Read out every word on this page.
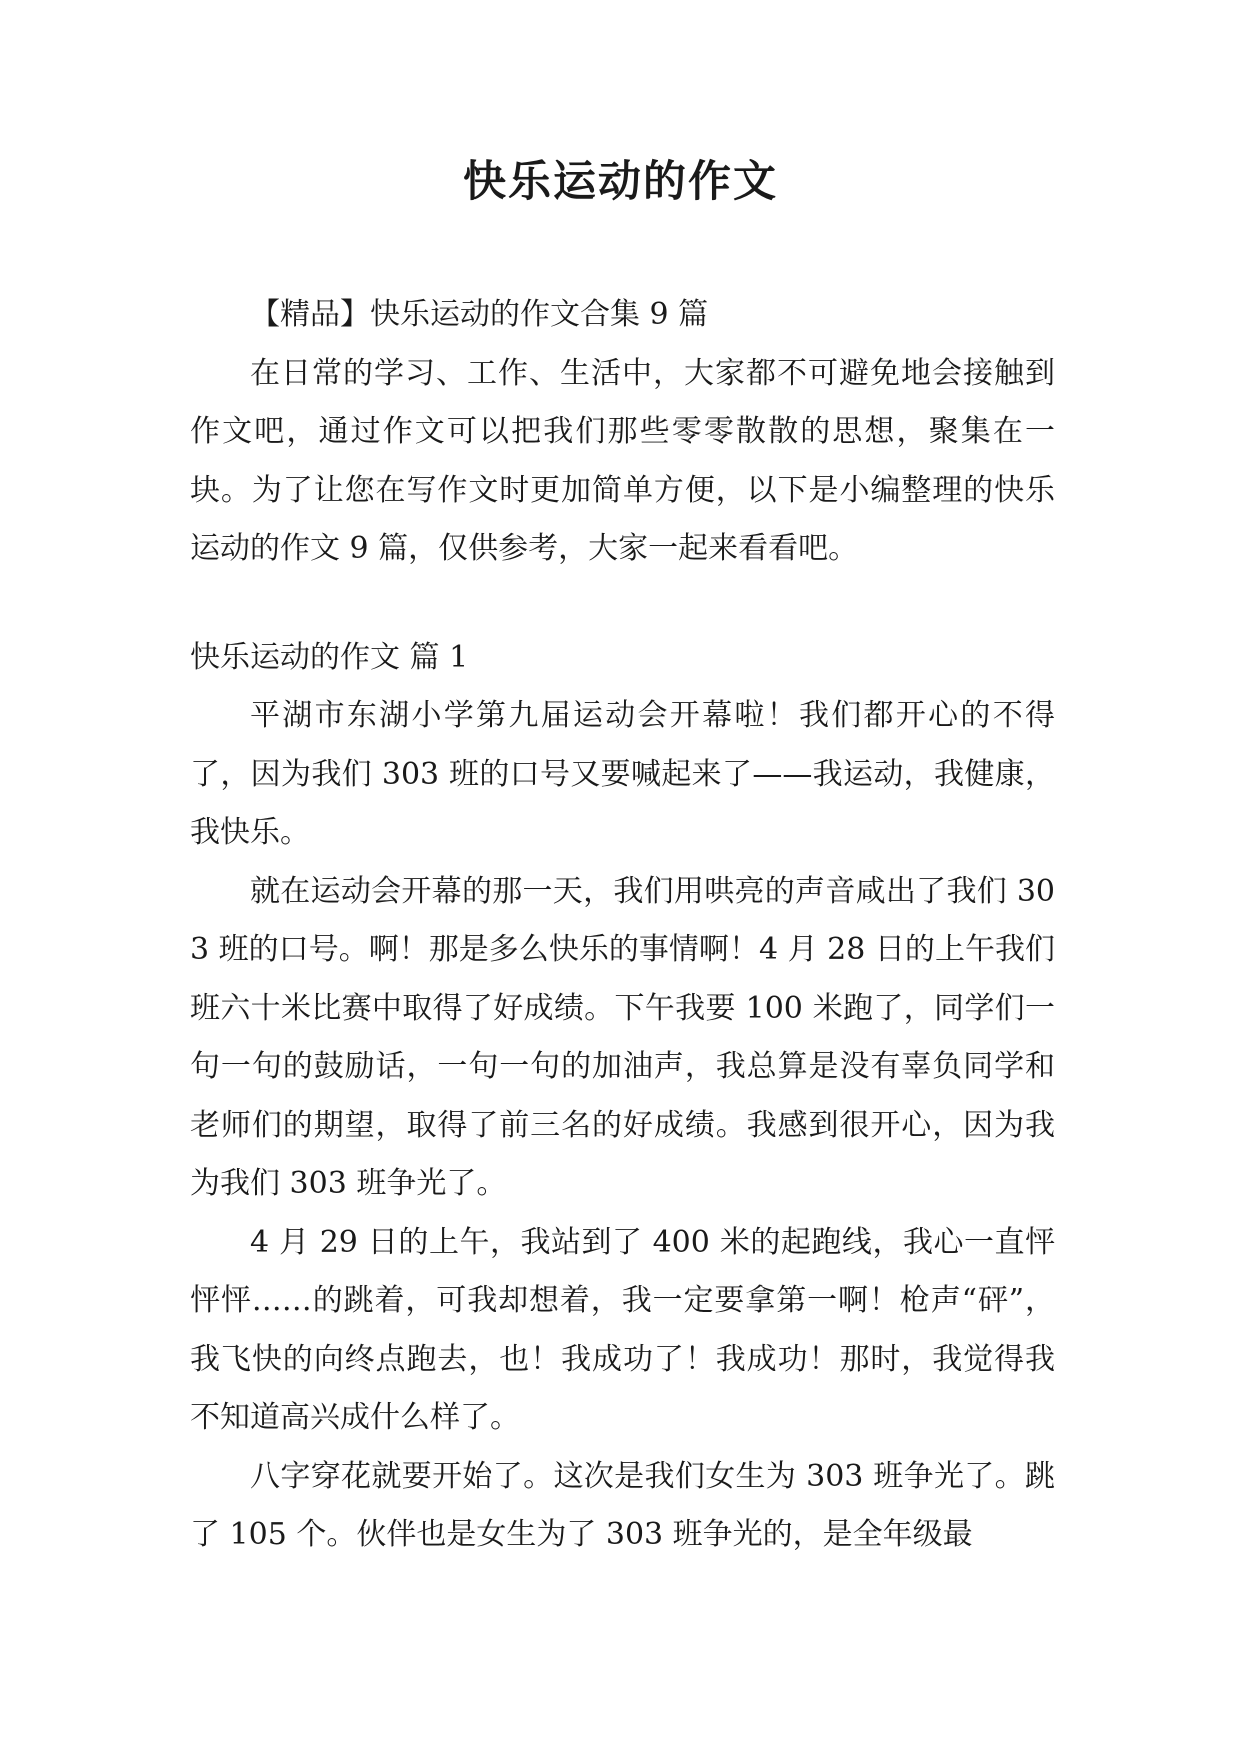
快乐运动的作文

【精品】快乐运动的作文合集 9 篇

在日常的学习、工作、生活中，大家都不可避免地会接触到作文吧，通过作文可以把我们那些零零散散的思想，聚集在一块。为了让您在写作文时更加简单方便，以下是小编整理的快乐运动的作文 9 篇，仅供参考，大家一起来看看吧。

快乐运动的作文 篇 1

平湖市东湖小学第九届运动会开幕啦！我们都开心的不得了，因为我们 303 班的口号又要喊起来了——我运动，我健康，我快乐。

就在运动会开幕的那一天，我们用哄亮的声音咸出了我们 303 班的口号。啊！那是多么快乐的事情啊！4 月 28 日的上午我们班六十米比赛中取得了好成绩。下午我要 100 米跑了，同学们一句一句的鼓励话，一句一句的加油声，我总算是没有辜负同学和老师们的期望，取得了前三名的好成绩。我感到很开心，因为我为我们 303 班争光了。

4 月 29 日的上午，我站到了 400 米的起跑线，我心一直怦怦怦……的跳着，可我却想着，我一定要拿第一啊！枪声“砰”，我飞快的向终点跑去，也！我成功了！我成功！那时，我觉得我不知道高兴成什么样了。

八字穿花就要开始了。这次是我们女生为 303 班争光了。跳了 105 个。伙伴也是女生为了 303 班争光的，是全年级最
